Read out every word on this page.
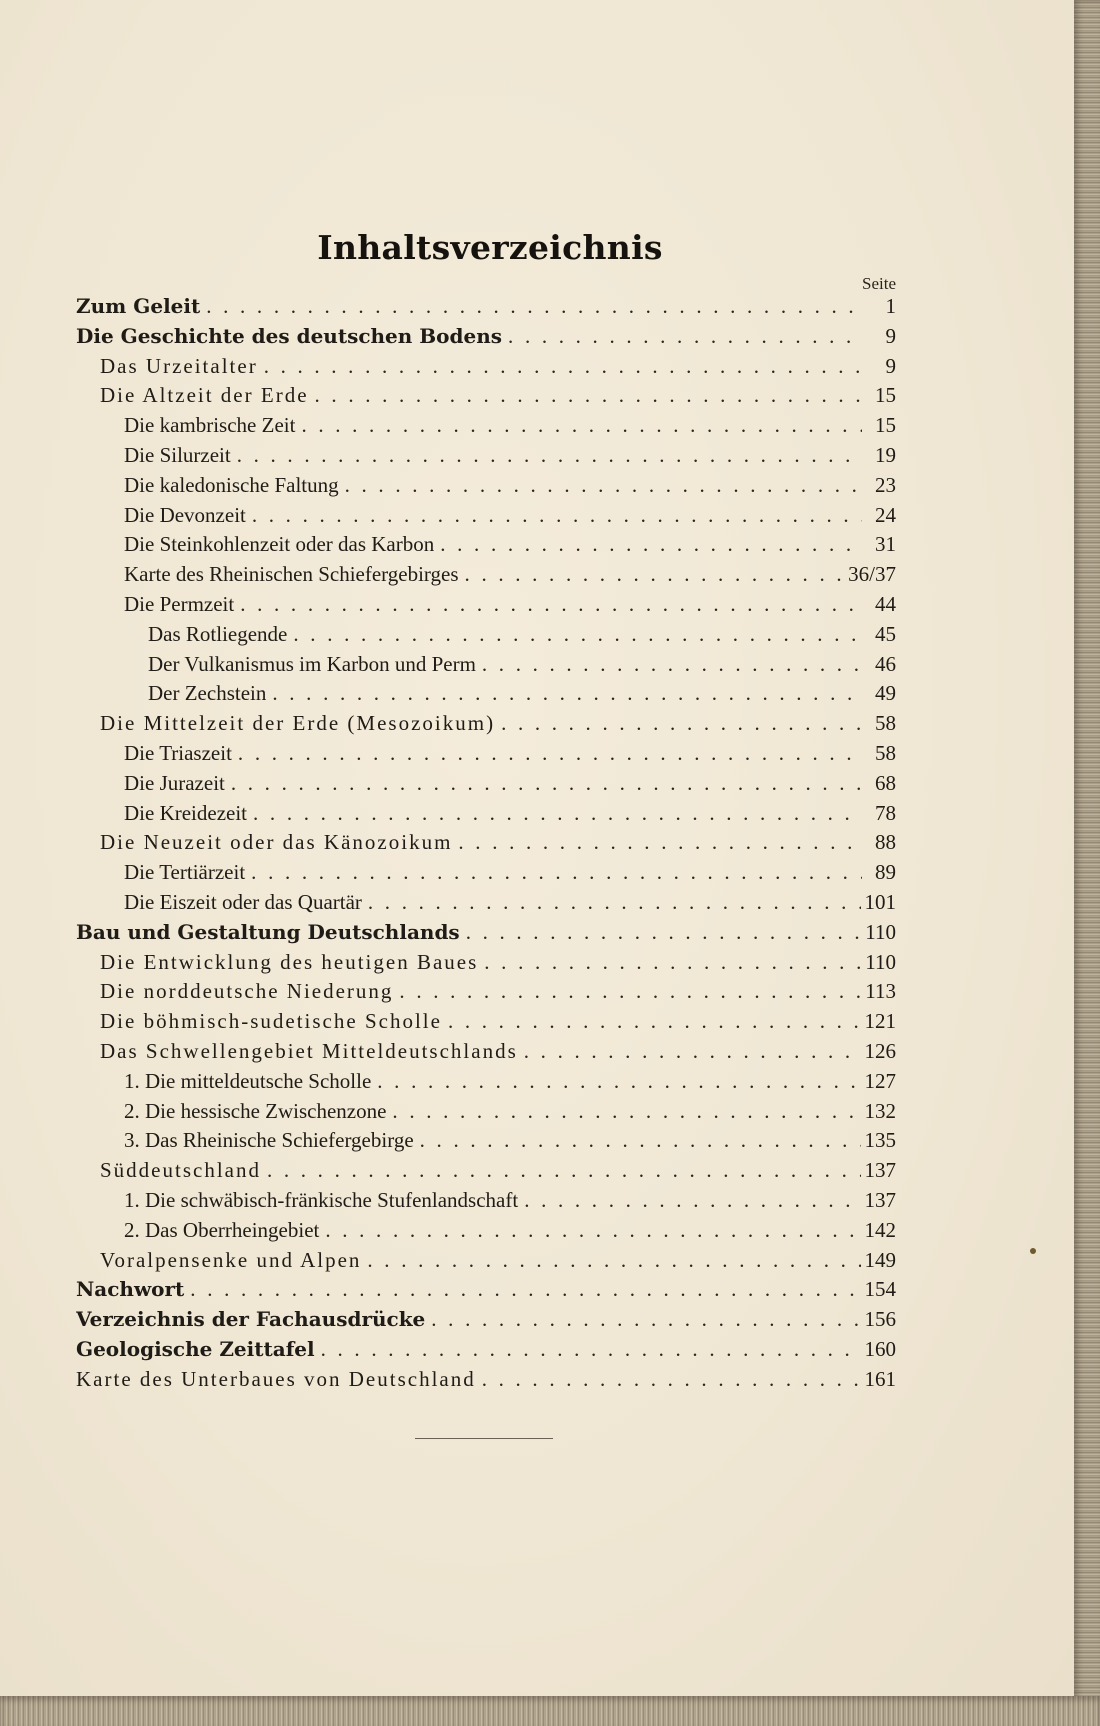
Inhaltsverzeichnis
Seite
Zum Geleit . . .	1
Die Geschichte des deutschen Bodens . . .	9
Das Urzeitalter . . .	9
Die Altzeit der Erde . . .	15
Die kambrische Zeit . . .	15
Die Silurzeit . . .	19
Die kaledonische Faltung . . .	23
Die Devonzeit . . .	24
Die Steinkohlenzeit oder das Karbon . . .	31
Karte des Rheinischen Schiefergebirges . . .	36/37
Die Permzeit . . .	44
Das Rotliegende . . .	45
Der Vulkanismus im Karbon und Perm . . .	46
Der Zechstein . . .	49
Die Mittelzeit der Erde (Mesozoikum) . . .	58
Die Triaszeit . . .	58
Die Jurazeit . . .	68
Die Kreidezeit . . .	78
Die Neuzeit oder das Känozoikum . . .	88
Die Tertiärzeit . . .	89
Die Eiszeit oder das Quartär . . .	101
Bau und Gestaltung Deutschlands . . .	110
Die Entwicklung des heutigen Baues . . .	110
Die norddeutsche Niederung . . .	113
Die böhmisch-sudetische Scholle . . .	121
Das Schwellengebiet Mitteldeutschlands . . .	126
1. Die mitteldeutsche Scholle . . .	127
2. Die hessische Zwischenzone . . .	132
3. Das Rheinische Schiefergebirge . . .	135
Süddeutschland . . .	137
1. Die schwäbisch-fränkische Stufenlandschaft . . .	137
2. Das Oberrheingebiet . . .	142
Voralpensenke und Alpen . . .	149
Nachwort . . .	154
Verzeichnis der Fachausdrücke . . .	156
Geologische Zeittafel . . .	160
Karte des Unterbaues von Deutschland . . .	161
